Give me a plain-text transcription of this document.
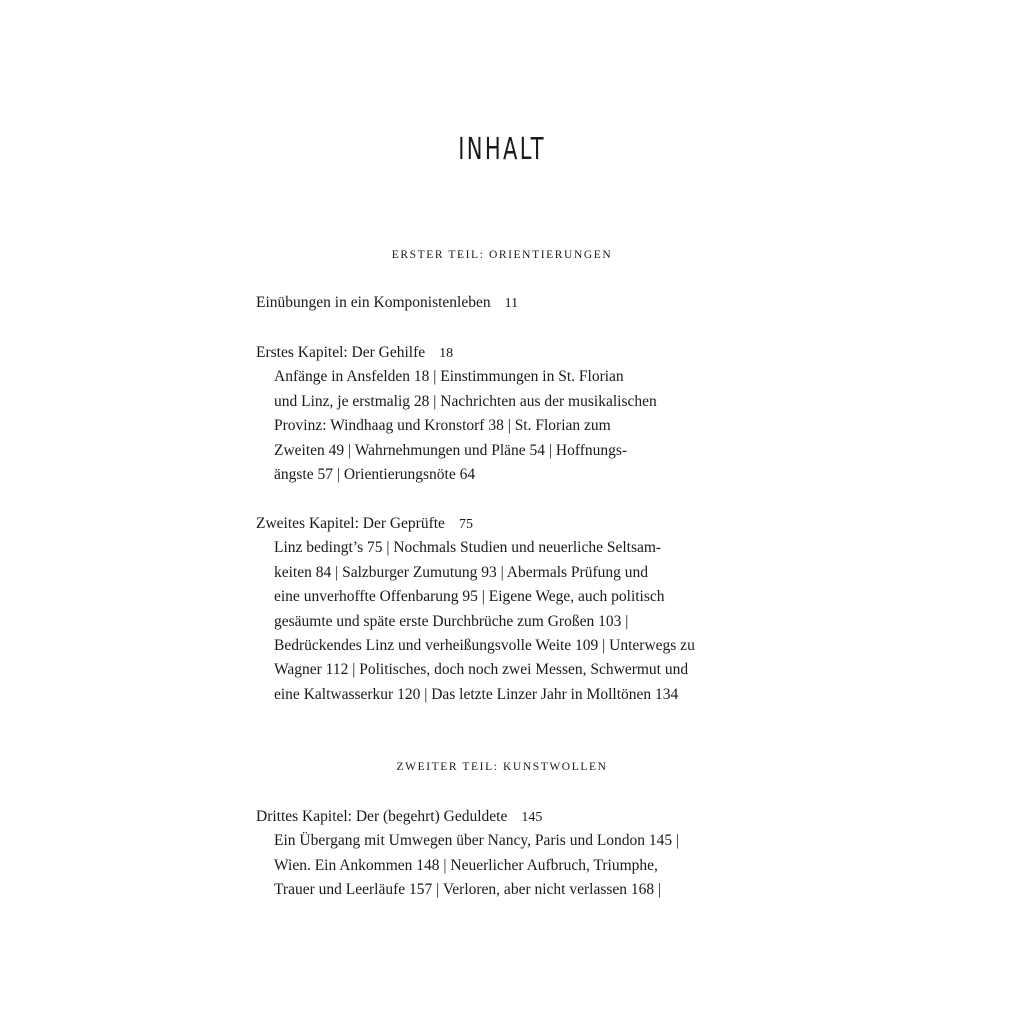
INHALT
ERSTER TEIL: ORIENTIERUNGEN
Einübungen in ein Komponistenleben 11
Erstes Kapitel: Der Gehilfe 18
Anfänge in Ansfelden 18 | Einstimmungen in St. Florian
und Linz, je erstmalig 28 | Nachrichten aus der musikalischen
Provinz: Windhaag und Kronstorf 38 | St. Florian zum
Zweiten 49 | Wahrnehmungen und Pläne 54 | Hoffnungs-
ängste 57 | Orientierungsnöte 64
Zweites Kapitel: Der Geprüfte 75
Linz bedingt’s 75 | Nochmals Studien und neuerliche Seltsam-
keiten 84 | Salzburger Zumutung 93 | Abermals Prüfung und
eine unverhoffte Offenbarung 95 | Eigene Wege, auch politisch
gesäumte und späte erste Durchbrüche zum Großen 103 |
Bedrückendes Linz und verheißungsvolle Weite 109 | Unterwegs zu
Wagner 112 | Politisches, doch noch zwei Messen, Schwermut und
eine Kaltwasserkur 120 | Das letzte Linzer Jahr in Molltönen 134
ZWEITER TEIL: KUNSTWOLLEN
Drittes Kapitel: Der (begehrt) Geduldete 145
Ein Übergang mit Umwegen über Nancy, Paris und London 145 |
Wien. Ein Ankommen 148 | Neuerlicher Aufbruch, Triumphe,
Trauer und Leerläufe 157 | Verloren, aber nicht verlassen 168 |
